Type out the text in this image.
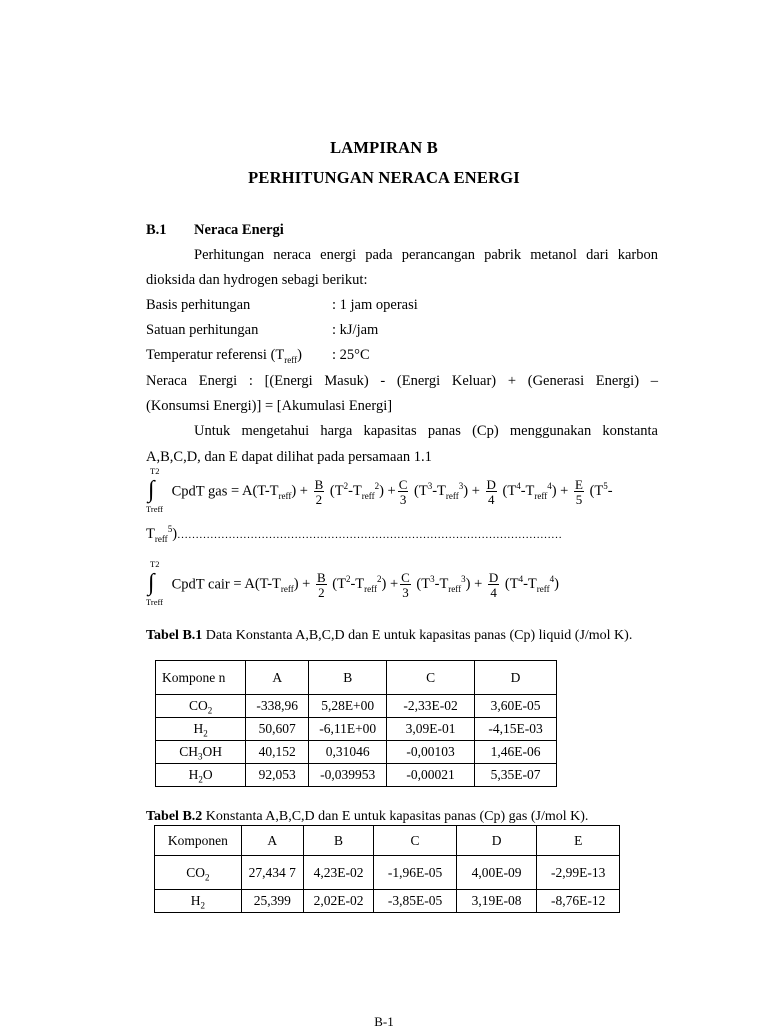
LAMPIRAN B
PERHITUNGAN NERACA ENERGI
B.1 Neraca Energi
Perhitungan neraca energi pada perancangan pabrik metanol dari karbon
dioksida dan hydrogen sebagi berikut:
Basis perhitungan	: 1 jam operasi
Satuan perhitungan	: kJ/jam
Temperatur referensi $(T_{reff})$ : 25°C
Neraca Energi : [(Energi Masuk) - (Energi Keluar) + (Generasi Energi) –
(Konsumsi Energi)] = [Akumulasi Energi]
Untuk mengetahui harga kapasitas panas (Cp) menggunakan konstanta
A,B,C,D, dan E dapat dilihat pada persamaan 1.1
T2
∫
Treff
CpdT gas = $A(T-T_{reff}) + \frac{B}{2} (T^2-T_{reff}^2) + \frac{C}{3} (T^3-T_{reff}^3) + \frac{D}{4} (T^4-T_{reff}^4) + \frac{E}{5} (T^5-$
$T_{reff}^5)\dots\dots\dots\dots\dots\dots\dots\dots\dots\dots\dots\dots\dots\dots\dots\dots\dots\dots\dots\dots\dots\dots\dots\dots\dots\dots\dots\dots\dots\dots\dots\dots\dots\dots\dots$
T2
∫
Treff
CpdT cair = $A(T-T_{reff}) + \frac{B}{2} (T^2-T_{reff}^2) + \frac{C}{3} (T^3-T_{reff}^3) + \frac{D}{4} (T^4-T_{reff}^4)$
Tabel B.1 Data Konstanta A,B,C,D dan E untuk kapasitas panas (Cp) liquid (J/mol K).
Kompone n	A	B	C	D
$CO_2$	-338,96	5,28E+00	-2,33E-02	3,60E-05
$H_2$	50,607	-6,11E+00	3,09E-01	-4,15E-03
$CH_3OH$	40,152	0,31046	-0,00103	1,46E-06
$H_2O$	92,053	-0,039953	-0,00021	5,35E-07
Tabel B.2 Konstanta A,B,C,D dan E untuk kapasitas panas (Cp) gas (J/mol K).
Komponen	A	B	C	D	E
$CO_2$	27,434 7	4,23E-02	-1,96E-05	4,00E-09	-2,99E-13
$H_2$	25,399	2,02E-02	-3,85E-05	3,19E-08	-8,76E-12
B-1
